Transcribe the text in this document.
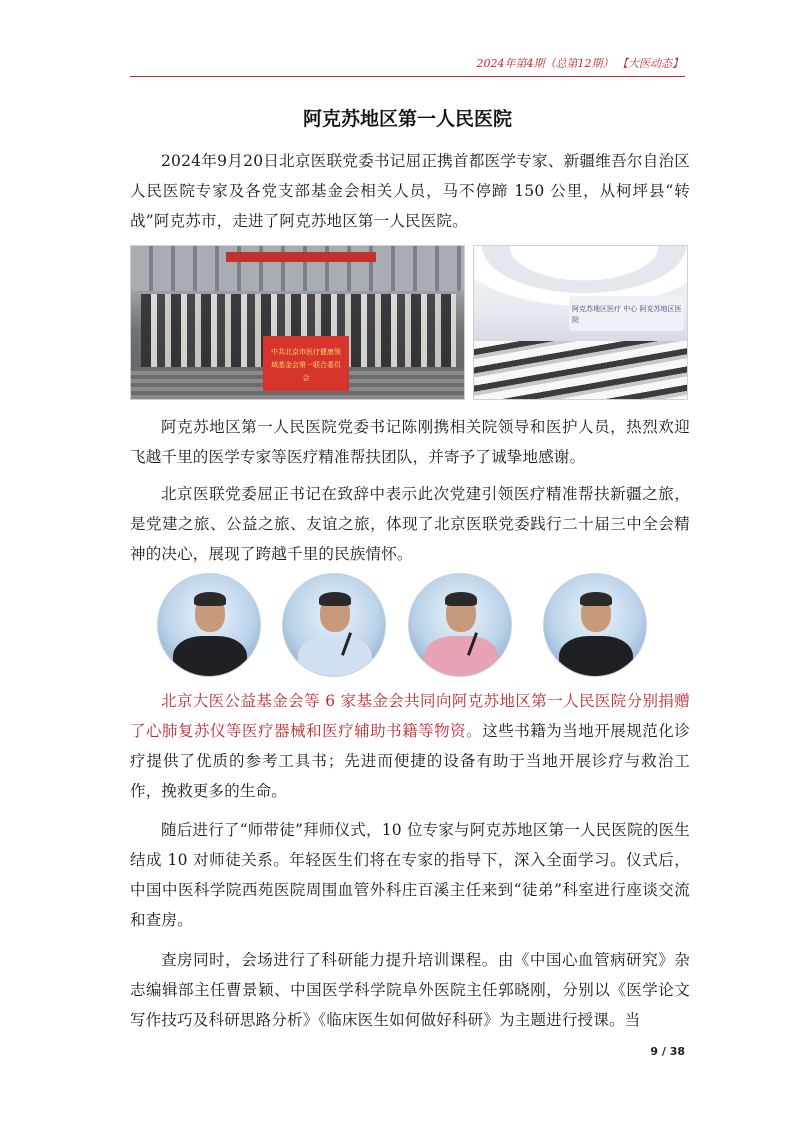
2024年第4期（总第12期） 【大医动态】
阿克苏地区第一人民医院

2024年9月20日北京医联党委书记屈正携首都医学专家、新疆维吾尔自治区人民医院专家及各党支部基金会相关人员，马不停蹄 150 公里，从柯坪县“转战”阿克苏市，走进了阿克苏地区第一人民医院。

中共北京市医疗健康领域基金会第一联合委员会
阿克苏地区医疗 中心 阿克苏地区医院

阿克苏地区第一人民医院党委书记陈刚携相关院领导和医护人员，热烈欢迎飞越千里的医学专家等医疗精准帮扶团队，并寄予了诚挚地感谢。

北京医联党委屈正书记在致辞中表示此次党建引领医疗精准帮扶新疆之旅，是党建之旅、公益之旅、友谊之旅，体现了北京医联党委践行二十届三中全会精神的决心，展现了跨越千里的民族情怀。

北京大医公益基金会等 6 家基金会共同向阿克苏地区第一人民医院分别捐赠了心肺复苏仪等医疗器械和医疗辅助书籍等物资。这些书籍为当地开展规范化诊疗提供了优质的参考工具书；先进而便捷的设备有助于当地开展诊疗与救治工作，挽救更多的生命。

随后进行了“师带徒”拜师仪式，10 位专家与阿克苏地区第一人民医院的医生结成 10 对师徒关系。年轻医生们将在专家的指导下，深入全面学习。仪式后，中国中医科学院西苑医院周围血管外科庄百溪主任来到“徒弟”科室进行座谈交流和查房。

查房同时，会场进行了科研能力提升培训课程。由《中国心血管病研究》杂志编辑部主任曹景颖、中国医学科学院阜外医院主任郭晓刚，分别以《医学论文写作技巧及科研思路分析》《临床医生如何做好科研》为主题进行授课。当

9 / 38
